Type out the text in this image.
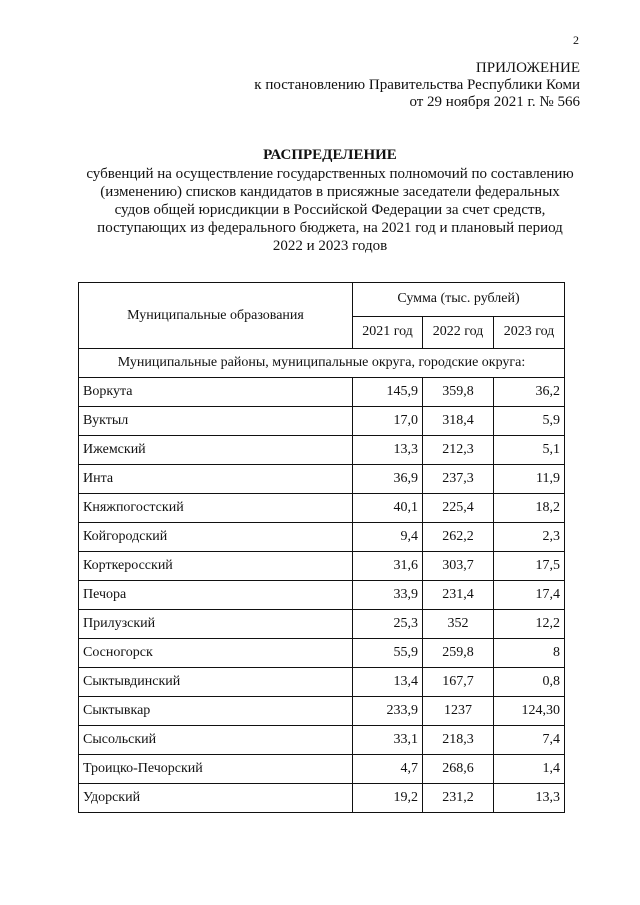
2
ПРИЛОЖЕНИЕ
к постановлению Правительства Республики Коми
от 29 ноября 2021 г. № 566
РАСПРЕДЕЛЕНИЕ
субвенций на осуществление государственных полномочий по составлению
(изменению) списков кандидатов в присяжные заседатели федеральных
судов общей юрисдикции в Российской Федерации за счет средств,
поступающих из федерального бюджета, на 2021 год и плановый период
2022 и 2023 годов
Муниципальные образования	Сумма (тыс. рублей)		
	2021 год	2022 год	2023 год
Муниципальные районы, муниципальные округа, городские округа:			
Воркута	145,9	359,8	36,2
Вуктыл	17,0	318,4	5,9
Ижемский	13,3	212,3	5,1
Инта	36,9	237,3	11,9
Княжпогостский	40,1	225,4	18,2
Койгородский	9,4	262,2	2,3
Корткеросский	31,6	303,7	17,5
Печора	33,9	231,4	17,4
Прилузский	25,3	352	12,2
Сосногорск	55,9	259,8	8
Сыктывдинский	13,4	167,7	0,8
Сыктывкар	233,9	1237	124,30
Сысольский	33,1	218,3	7,4
Троицко-Печорский	4,7	268,6	1,4
Удорский	19,2	231,2	13,3
